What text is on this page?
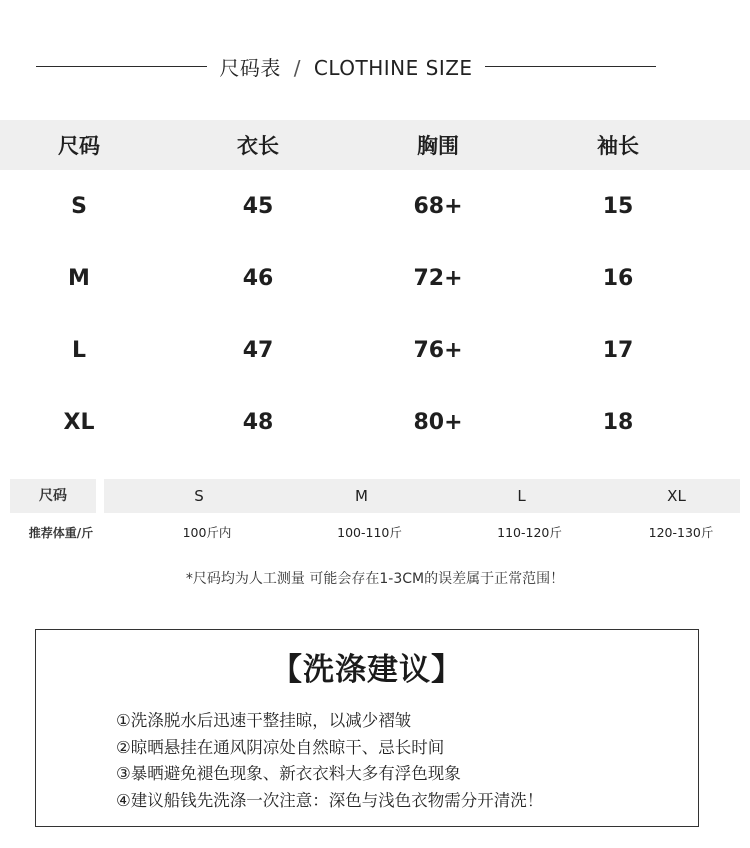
尺码表 / CLOTHINE SIZE
尺码	衣长	胸围	袖长
S	45	68+	15
M	46	72+	16
L	47	76+	17
XL	48	80+	18
尺码	S	M	L	XL
推荐体重/斤	100斤内	100-110斤	110-120斤	120-130斤
*尺码均为人工测量 可能会存在1-3CM的误差属于正常范围！
【洗涤建议】
①洗涤脱水后迅速干整挂晾，以减少褶皱
②晾晒悬挂在通风阴凉处自然晾干、忌长时间
③暴晒避免褪色现象、新衣衣料大多有浮色现象
④建议船钱先洗涤一次注意：深色与浅色衣物需分开清洗！
